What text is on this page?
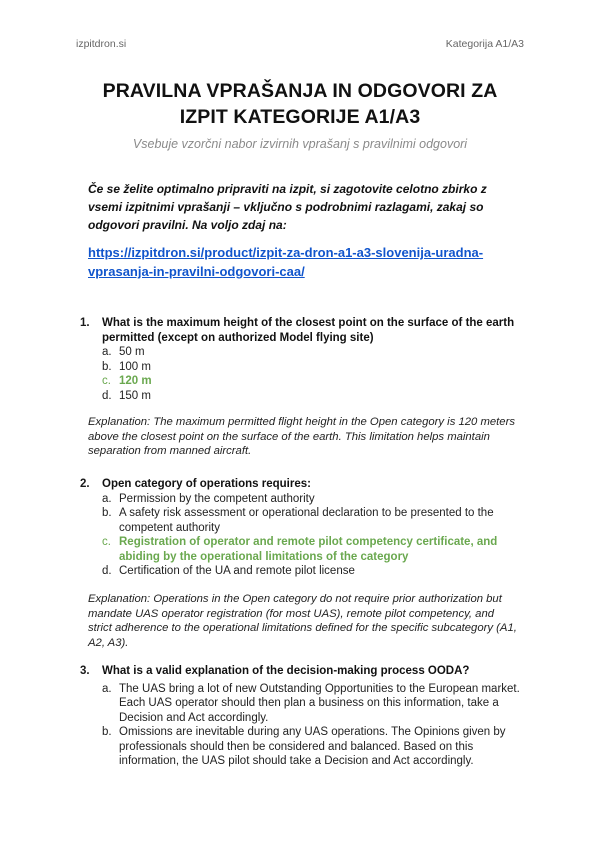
izpitdron.si	Kategorija A1/A3
PRAVILNA VPRAŠANJA IN ODGOVORI ZA
IZPIT KATEGORIJE A1/A3
Vsebuje vzorčni nabor izvirnih vprašanj s pravilnimi odgovori

Če se želite optimalno pripraviti na izpit, si zagotovite celotno zbirko z vsemi izpitnimi vprašanji – vključno s podrobnimi razlagami, zakaj so odgovori pravilni. Na voljo zdaj na:

https://izpitdron.si/product/izpit-za-dron-a1-a3-slovenija-uradna-
vprasanja-in-pravilni-odgovori-caa/
1. What is the maximum height of the closest point on the surface of the earth permitted (except on authorized Model flying site)
a. 50 m
b. 100 m
c. 120 m
d. 150 m

Explanation: The maximum permitted flight height in the Open category is 120 meters above the closest point on the surface of the earth. This limitation helps maintain separation from manned aircraft.

2. Open category of operations requires:
a. Permission by the competent authority
b. A safety risk assessment or operational declaration to be presented to the competent authority
c. Registration of operator and remote pilot competency certificate, and abiding by the operational limitations of the category
d. Certification of the UA and remote pilot license

Explanation: Operations in the Open category do not require prior authorization but mandate UAS operator registration (for most UAS), remote pilot competency, and strict adherence to the operational limitations defined for the specific subcategory (A1, A2, A3).

3. What is a valid explanation of the decision-making process OODA?
a. The UAS bring a lot of new Outstanding Opportunities to the European market. Each UAS operator should then plan a business on this information, take a Decision and Act accordingly.
b. Omissions are inevitable during any UAS operations. The Opinions given by professionals should then be considered and balanced. Based on this information, the UAS pilot should take a Decision and Act accordingly.
